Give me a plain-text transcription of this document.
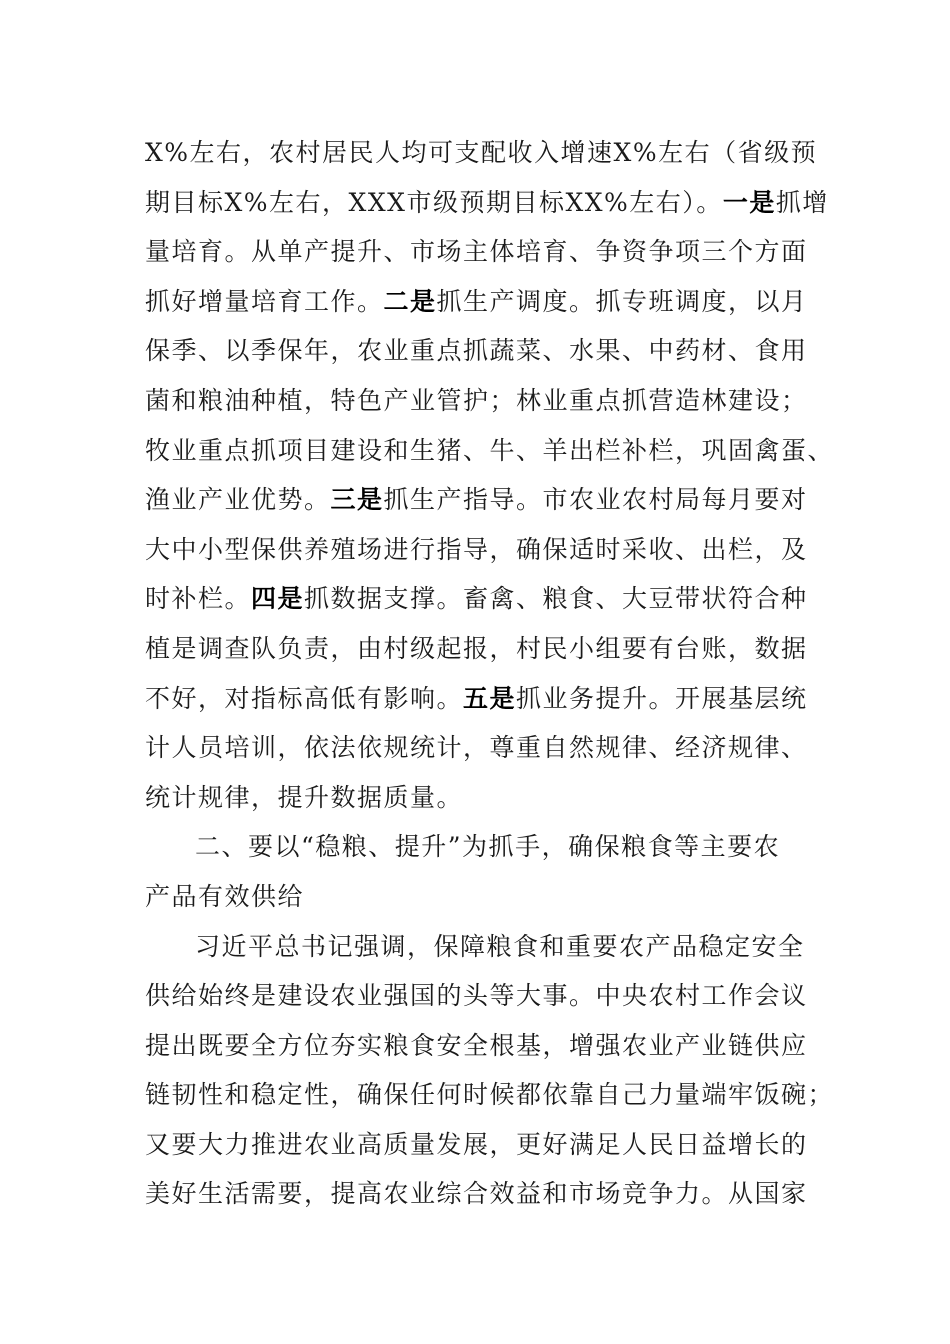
X%左右，农村居民人均可支配收入增速X%左右（省级预
期目标X%左右，XXX市级预期目标XX%左右）。一是抓增
量培育。从单产提升、市场主体培育、争资争项三个方面
抓好增量培育工作。二是抓生产调度。抓专班调度，以月
保季、以季保年，农业重点抓蔬菜、水果、中药材、食用
菌和粮油种植，特色产业管护；林业重点抓营造林建设；
牧业重点抓项目建设和生猪、牛、羊出栏补栏，巩固禽蛋、
渔业产业优势。三是抓生产指导。市农业农村局每月要对
大中小型保供养殖场进行指导，确保适时采收、出栏，及
时补栏。四是抓数据支撑。畜禽、粮食、大豆带状符合种
植是调查队负责，由村级起报，村民小组要有台账，数据
不好，对指标高低有影响。五是抓业务提升。开展基层统
计人员培训，依法依规统计，尊重自然规律、经济规律、
统计规律，提升数据质量。
二、要以“稳粮、提升”为抓手，确保粮食等主要农
产品有效供给
习近平总书记强调，保障粮食和重要农产品稳定安全
供给始终是建设农业强国的头等大事。中央农村工作会议
提出既要全方位夯实粮食安全根基，增强农业产业链供应
链韧性和稳定性，确保任何时候都依靠自己力量端牢饭碗；
又要大力推进农业高质量发展，更好满足人民日益增长的
美好生活需要，提高农业综合效益和市场竞争力。从国家
